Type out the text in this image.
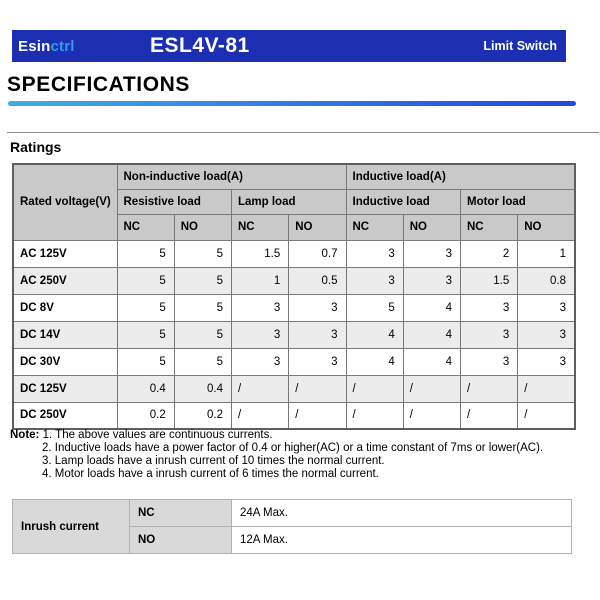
Esin ctrl	ESL4V-81	Limit Switch
SPECIFICATIONS
Ratings
Rated voltage(V)	Non-inductive load(A)				Inductive load(A)			
	Resistive load		Lamp load		Inductive load		Motor load	
	NC	NO	NC	NO	NC	NO	NC	NO
AC 125V	5	5	1.5	0.7	3	3	2	1
AC 250V	5	5	1	0.5	3	3	1.5	0.8
DC 8V	5	5	3	3	5	4	3	3
DC 14V	5	5	3	3	4	4	3	3
DC 30V	5	5	3	3	4	4	3	3
DC 125V	0.4	0.4	/	/	/	/	/	/
DC 250V	0.2	0.2	/	/	/	/	/	/
Note: 1. The above values are continuous currents.
2. Inductive loads have a power factor of 0.4 or higher(AC) or a time constant of 7ms or lower(AC).
3. Lamp loads have a inrush current of 10 times the normal current.
4. Motor loads have a inrush current of 6 times the normal current.
Inrush current	NC	24A Max.
	NO	12A Max.
